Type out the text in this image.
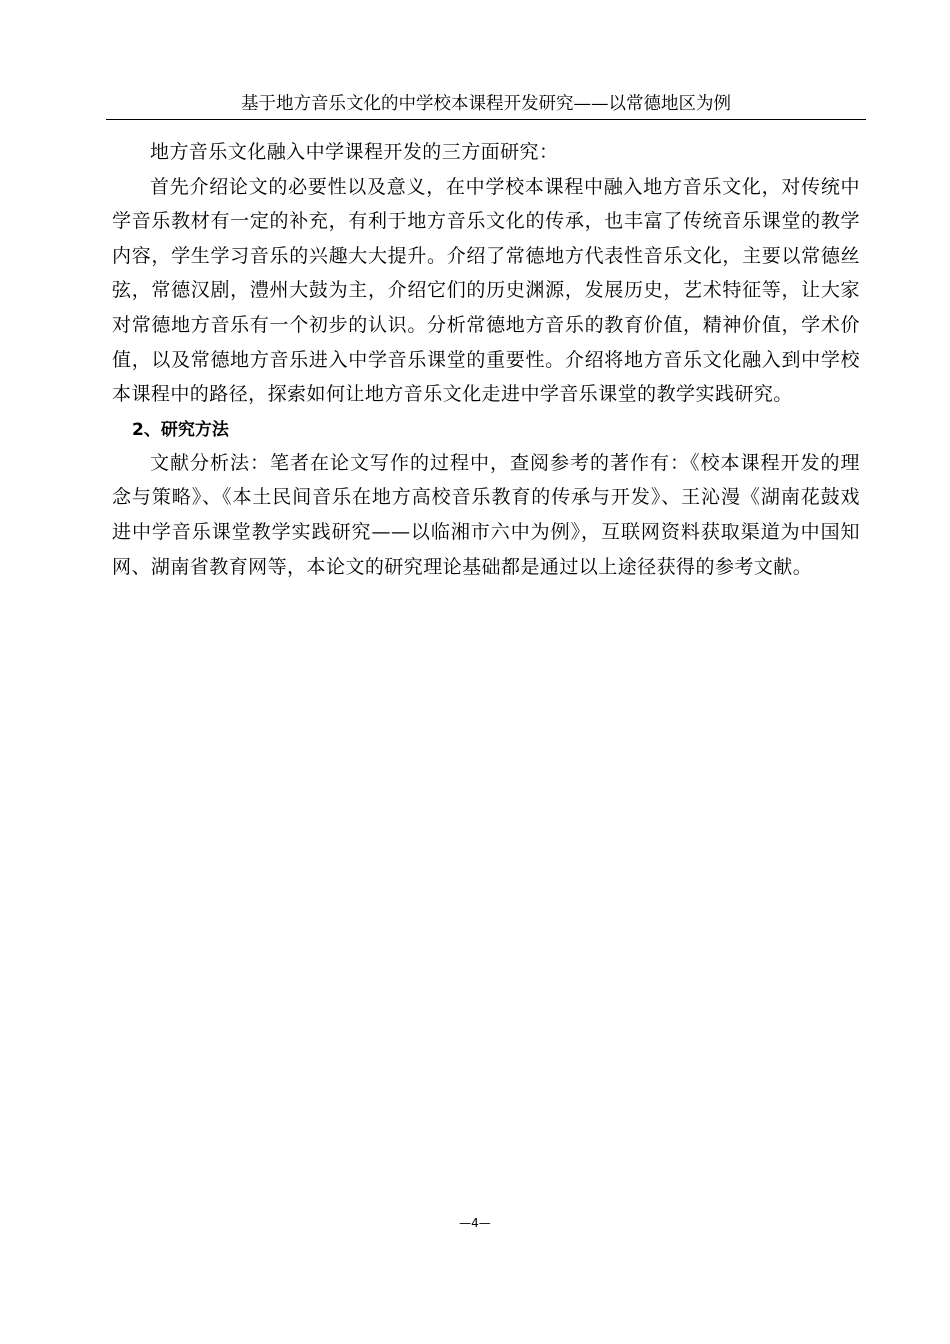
基于地方音乐文化的中学校本课程开发研究——以常德地区为例

地方音乐文化融入中学课程开发的三方面研究：

首先介绍论文的必要性以及意义，在中学校本课程中融入地方音乐文化，对传统中学音乐教材有一定的补充，有利于地方音乐文化的传承，也丰富了传统音乐课堂的教学内容，学生学习音乐的兴趣大大提升。介绍了常德地方代表性音乐文化，主要以常德丝弦，常德汉剧，澧州大鼓为主，介绍它们的历史渊源，发展历史，艺术特征等，让大家对常德地方音乐有一个初步的认识。分析常德地方音乐的教育价值，精神价值，学术价值，以及常德地方音乐进入中学音乐课堂的重要性。介绍将地方音乐文化融入到中学校本课程中的路径，探索如何让地方音乐文化走进中学音乐课堂的教学实践研究。

2、研究方法

文献分析法：笔者在论文写作的过程中，查阅参考的著作有：《校本课程开发的理念与策略》、《本土民间音乐在地方高校音乐教育的传承与开发》、王沁漫《湖南花鼓戏进中学音乐课堂教学实践研究——以临湘市六中为例》，互联网资料获取渠道为中国知网、湖南省教育网等，本论文的研究理论基础都是通过以上途径获得的参考文献。

—4—
